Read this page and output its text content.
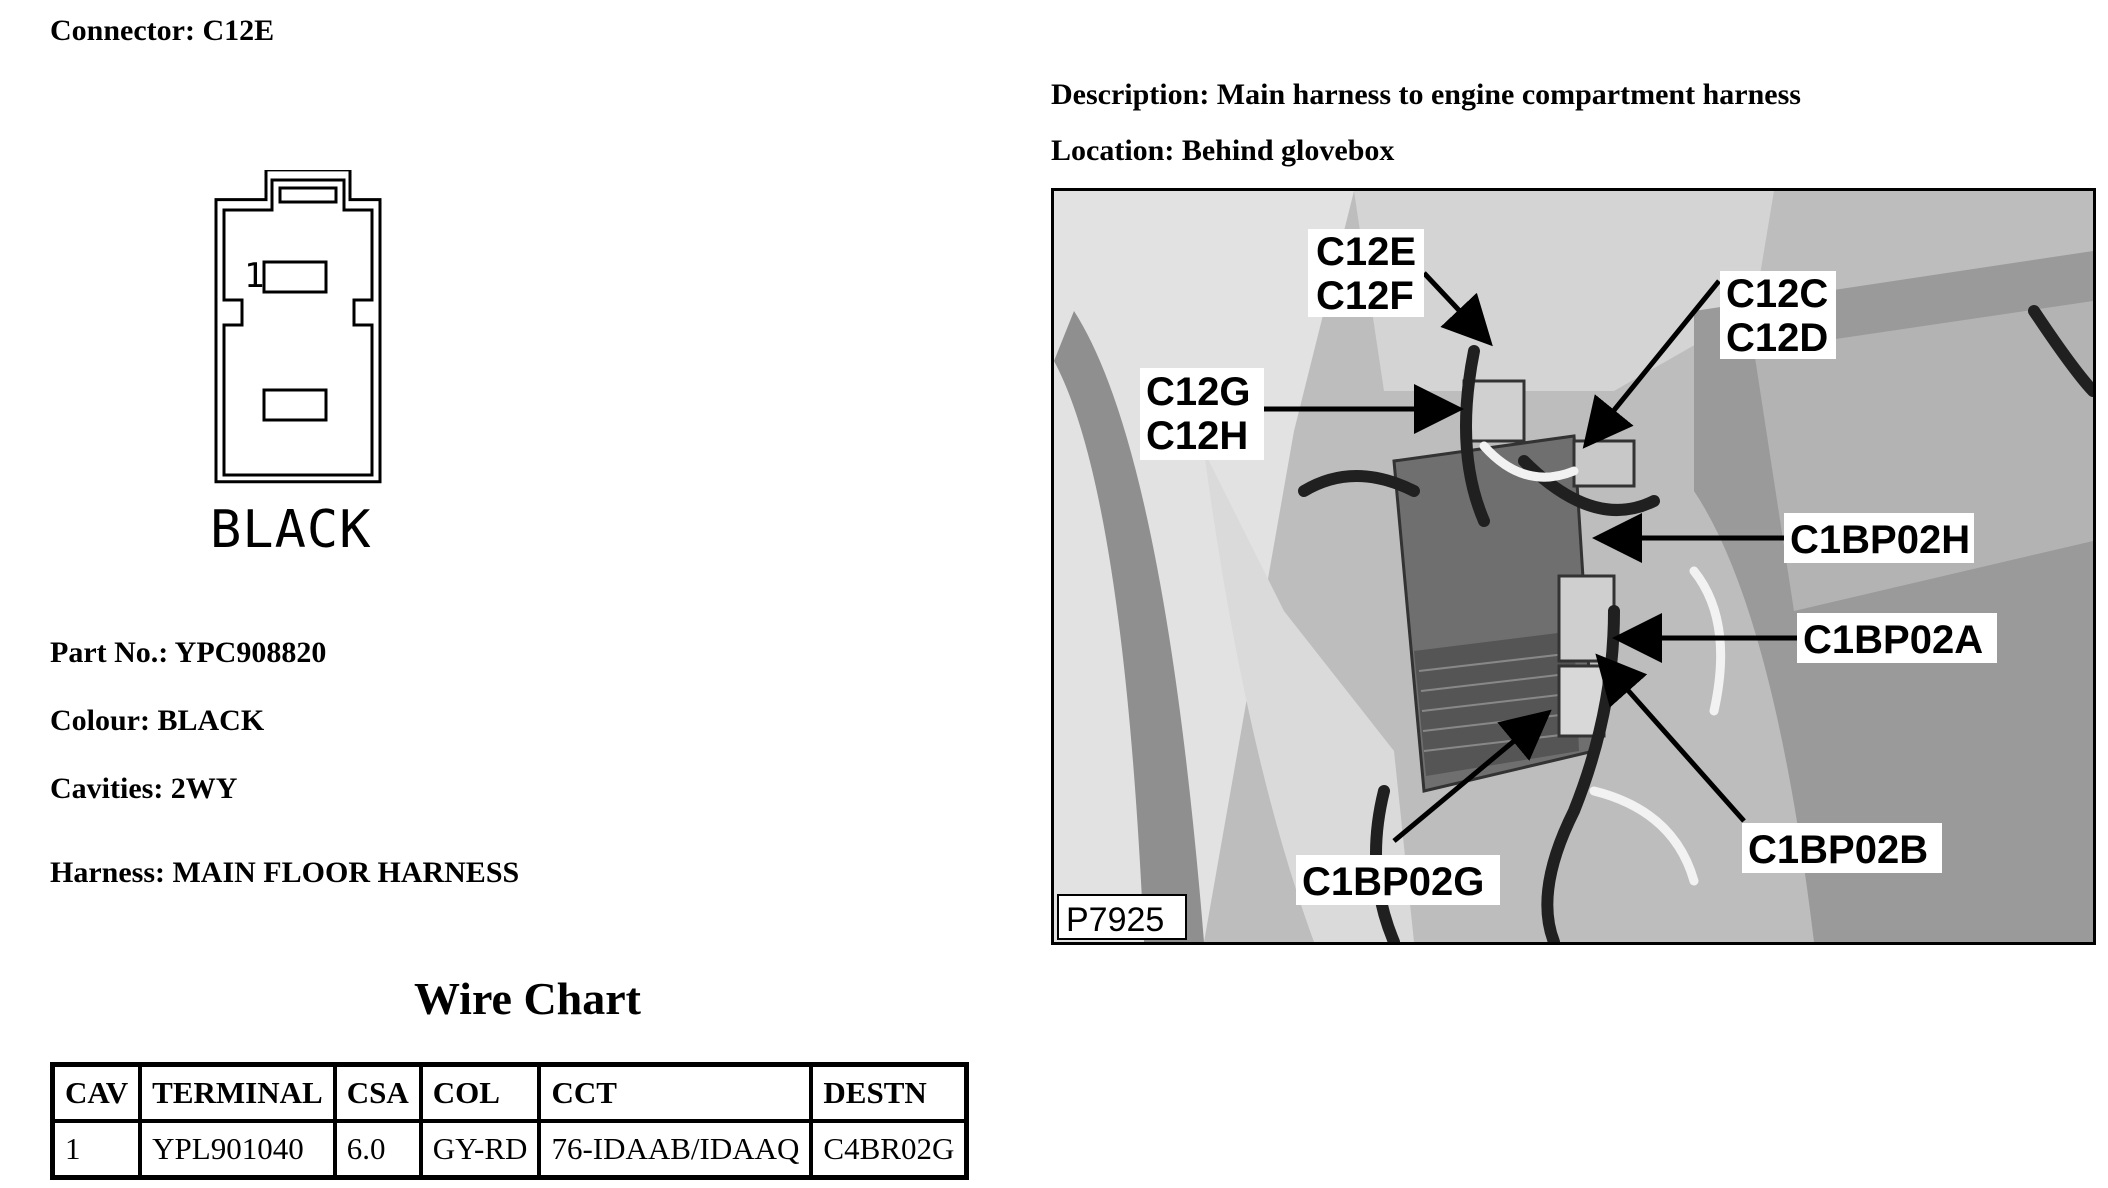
Connector: C12E
1
BLACK
Part No.: YPC908820
Colour: BLACK
Cavities: 2WY
Harness: MAIN FLOOR HARNESS
Wire Chart
CAV	TERMINAL	CSA	COL	CCT	DESTN
1	YPL901040	6.0	GY-RD	76-IDAAB/IDAAQ	C4BR02G
Description: Main harness to engine compartment harness
Location: Behind glovebox
C12E
C12F	C12C
C12D
C12G
C12H
C1BP02H
C1BP02A
C1BP02B
C1BP02G
P7925
